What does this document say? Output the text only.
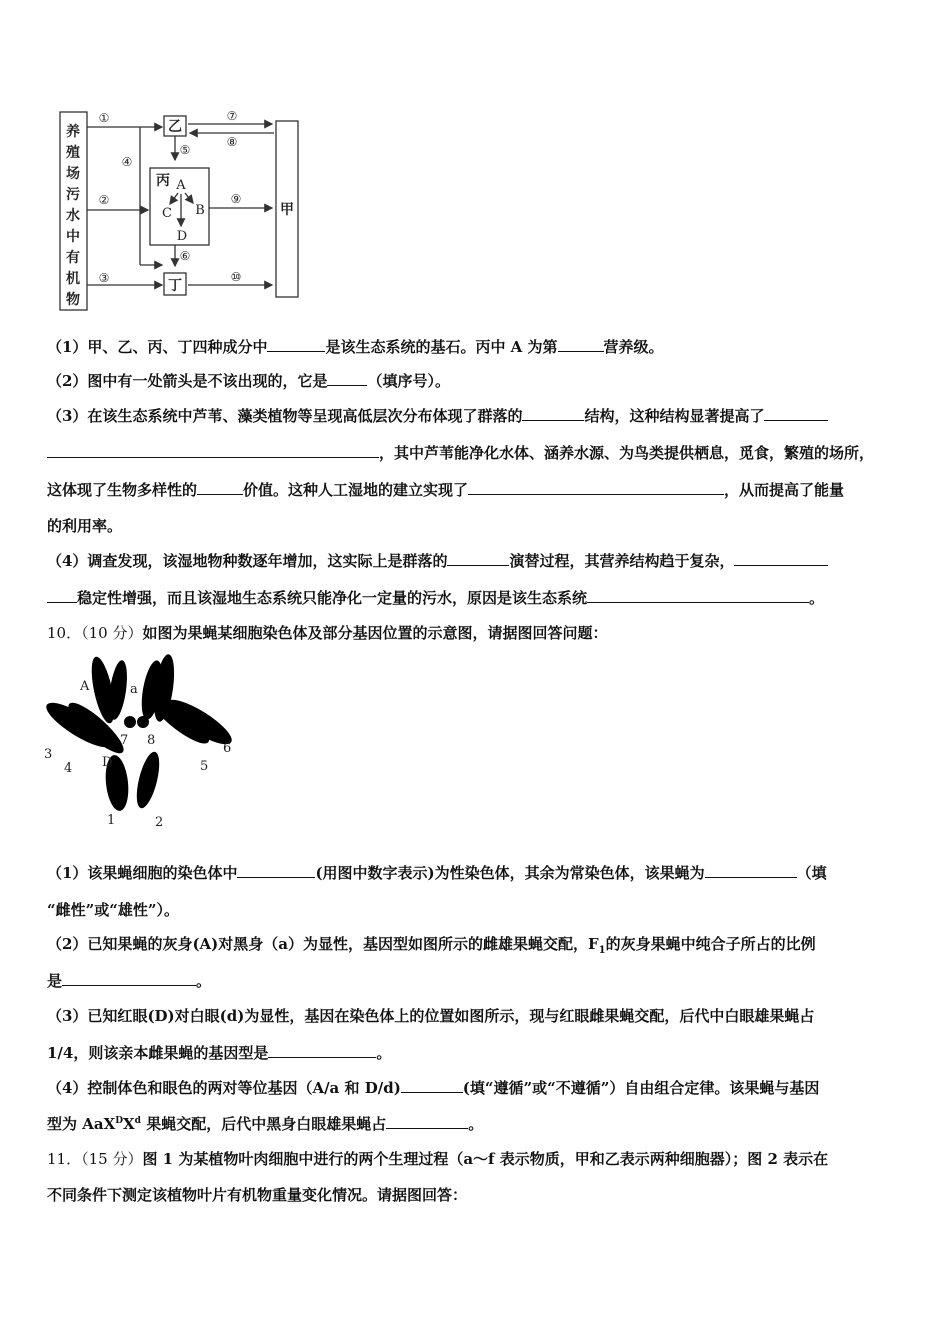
养
殖
场
污
水
中
有
机
物
乙
丙
丁
甲
A
B
C
D
①
②
③
④
⑤
⑥
⑦
⑧
⑨
⑩
（1）甲、乙、丙、丁四种成分中	是该生态系统的基石。丙中 A 为第	营养级。
（2）图中有一处箭头是不该出现的，它是	（填序号）。
（3）在该生态系统中芦苇、藻类植物等呈现高低层次分布体现了群落的	结构，这种结构显著提高了
，其中芦苇能净化水体、涵养水源、为鸟类提供栖息，觅食，繁殖的场所，
这体现了生物多样性的	价值。这种人工湿地的建立实现了	，从而提高了能量
的利用率。
（4）调查发现，该湿地物种数逐年增加，这实际上是群落的	演替过程，其营养结构趋于复杂，
稳定性增强，而且该湿地生态系统只能净化一定量的污水，原因是该生态系统	。
10．（10 分）如图为果蝇某细胞染色体及部分基因位置的示意图，请据图回答问题：
A	a
D
1	2
3
4	5
6
7 8
（1）该果蝇细胞的染色体中	(用图中数字表示)为性染色体，其余为常染色体，该果蝇为	（填
“雌性”或“雄性”）。
（2）已知果蝇的灰身(A)对黑身（a）为显性，基因型如图所示的雌雄果蝇交配，$F_1$的灰身果蝇中纯合子所占的比例
是	。
（3）已知红眼(D)对白眼(d)为显性，基因在染色体上的位置如图所示，现与红眼雌果蝇交配，后代中白眼雄果蝇占
1/4，则该亲本雌果蝇的基因型是	。
（4）控制体色和眼色的两对等位基因（A/a 和 D/d)	(填“遵循”或“不遵循”）自由组合定律。该果蝇与基因
型为 $AaX^DX^d$ 果蝇交配，后代中黑身白眼雄果蝇占	。
11．（15 分）图 1 为某植物叶肉细胞中进行的两个生理过程（a～f 表示物质，甲和乙表示两种细胞器）；图 2 表示在
不同条件下测定该植物叶片有机物重量变化情况。请据图回答：
